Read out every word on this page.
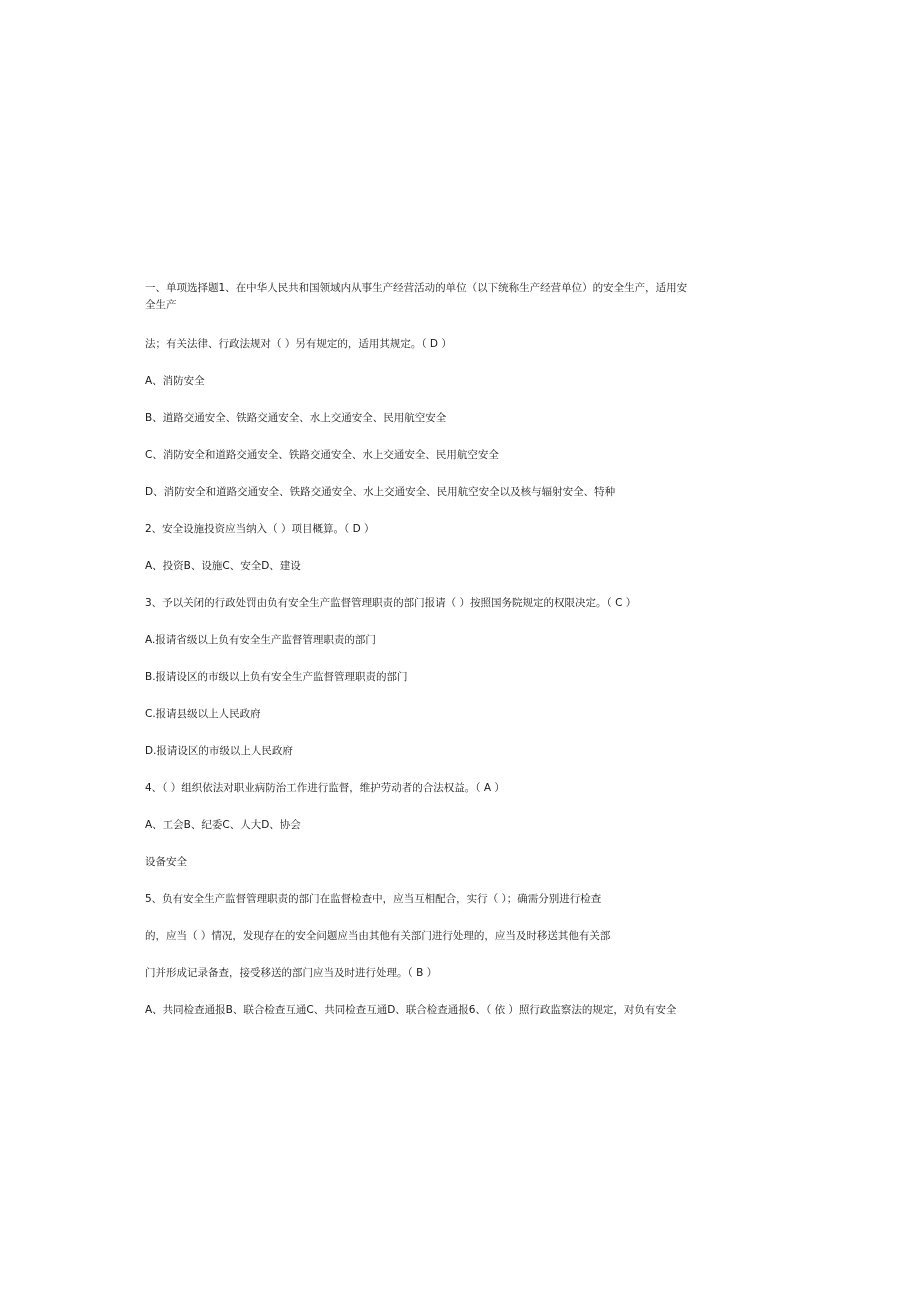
一、单项选择题1、在中华人民共和国领域内从事生产经营活动的单位（以下统称生产经营单位）的安全生产，适用安全生产

法；有关法律、行政法规对（ ）另有规定的，适用其规定。（ D ）

A、消防安全

B、道路交通安全、铁路交通安全、水上交通安全、民用航空安全

C、消防安全和道路交通安全、铁路交通安全、水上交通安全、民用航空安全

D、消防安全和道路交通安全、铁路交通安全、水上交通安全、民用航空安全以及核与辐射安全、特种

2、安全设施投资应当纳入（ ）项目概算。（ D ）

A、投资B、设施C、安全D、建设

3、予以关闭的行政处罚由负有安全生产监督管理职责的部门报请（ ）按照国务院规定的权限决定。（ C ）

A.报请省级以上负有安全生产监督管理职责的部门

B.报请设区的市级以上负有安全生产监督管理职责的部门

C.报请县级以上人民政府

D.报请设区的市级以上人民政府

4、（ ）组织依法对职业病防治工作进行监督，维护劳动者的合法权益。（ A ）

A、工会B、纪委C、人大D、协会

设备安全

5、负有安全生产监督管理职责的部门在监督检查中，应当互相配合，实行（ ）；确需分别进行检查

的，应当（ ）情况，发现存在的安全问题应当由其他有关部门进行处理的，应当及时移送其他有关部

门并形成记录备查，接受移送的部门应当及时进行处理。（ B ）

A、共同检查通报B、联合检查互通C、共同检查互通D、联合检查通报6、（ 依 ）照行政监察法的规定，对负有安全
